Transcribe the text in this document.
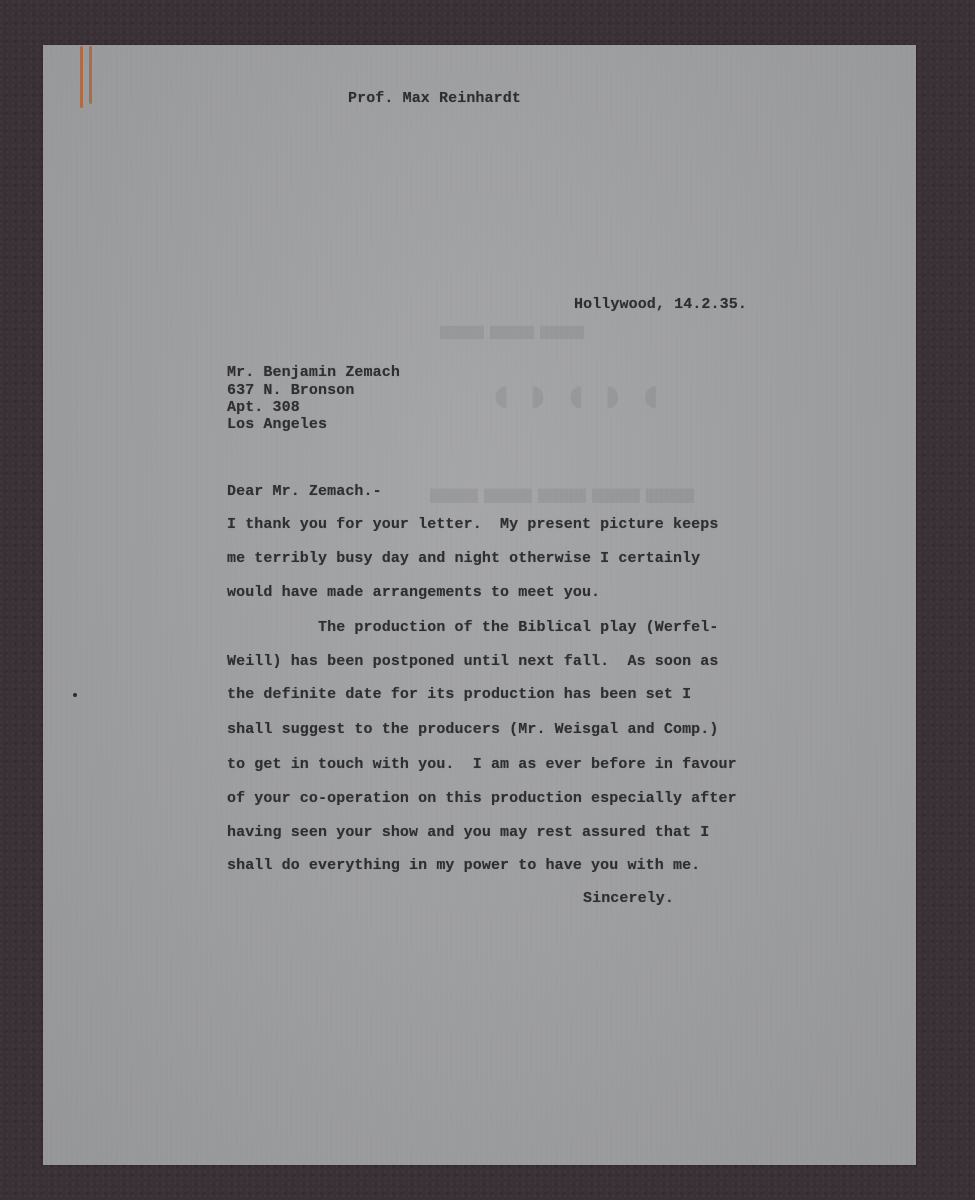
▬▬▬
◖◗◖◗◖
▬▬▬▬▬
Prof. Max Reinhardt
Hollywood, 14.2.35.
Mr. Benjamin Zemach
637 N. Bronson
Apt. 308
Los Angeles
Dear Mr. Zemach.-
I thank you for your letter.  My present picture keeps
me terribly busy day and night otherwise I certainly
would have made arrangements to meet you.
The production of the Biblical play (Werfel-
Weill) has been postponed until next fall.  As soon as
the definite date for its production has been set I
shall suggest to the producers (Mr. Weisgal and Comp.)
to get in touch with you.  I am as ever before in favour
of your co-operation on this production especially after
having seen your show and you may rest assured that I
shall do everything in my power to have you with me.
Sincerely.
